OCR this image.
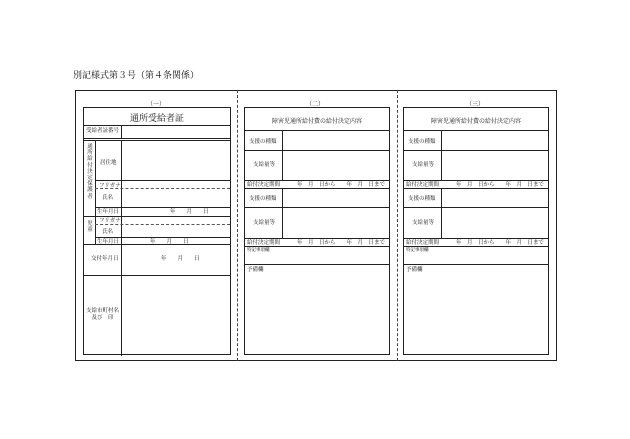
別記様式第３号（第４条関係）
（一）	（二）	（三）
通所受給者証
受給者証番号
通所給付決定保護者
居住地
フリガナ
氏名
生年月日	年　　月　　日
児童
フリガナ
氏名
生年月日	年　　月　　日
交付年月日	年　　月　　日
支給市町村名
及び　印
障害児通所給付費の給付決定内容
支援の種類
支給量等
給付決定期間	年　月　日から　　年　月　日まで
支援の種類
支給量等
給付決定期間	年　月　日から　　年　月　日まで
特記事項欄
予備欄
障害児通所給付費の給付決定内容
支援の種類
支給量等
給付決定期間	年　月　日から　　年　月　日まで
支援の種類
支給量等
給付決定期間	年　月　日から　　年　月　日まで
特記事項欄
予備欄
